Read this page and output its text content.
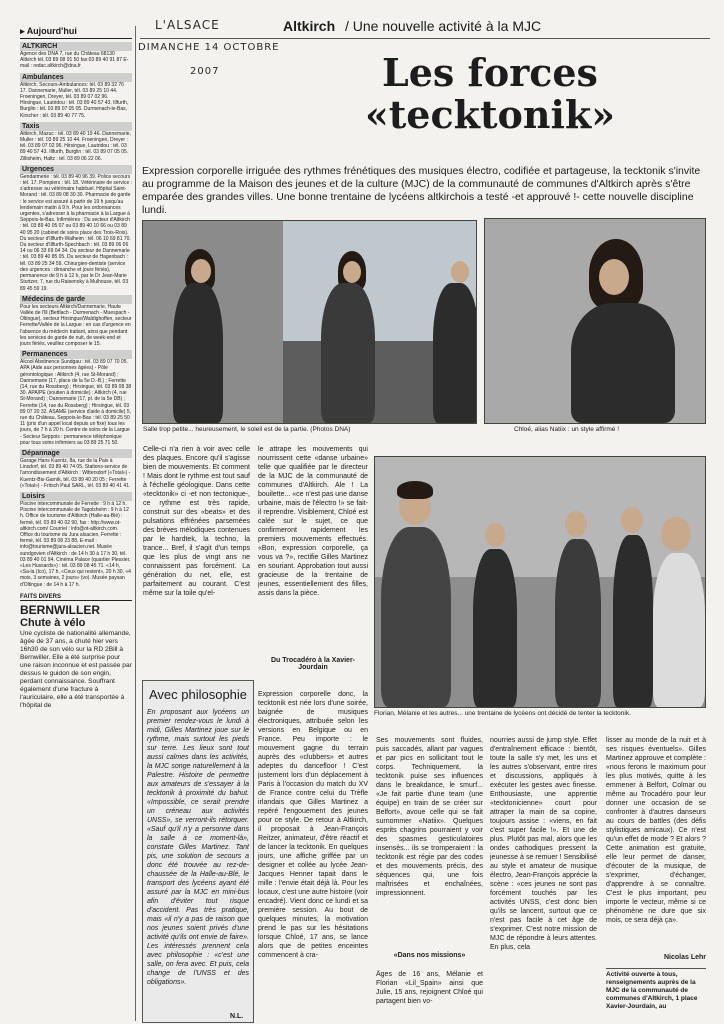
▸ Aujourd'hui
ALTKIRCH

Agence des DNA 7, rue du Château 68130 Altkirch tél.:03 89 08 91 50 fax:03 89 40 91 87 E-mail : redac.altkirch@dna.fr

Ambulances

Altkirch, Secours-Ambulances: tél. 03 89 32 76 17. Dannemarie, Muller, tél. 03 89 25 10 44. Froeningen, Dreyer, tél. 03 89 07 02 96. Hirsingue, Lautridou : tél. 03 89 40 57 43. Illfurth, Burglin : tél. 03 89 07 05 05. Durmenach-le-Bas, Kirscher : tél. 03 89 40 77 75.

Taxis

Altkirch, Mazuc : tél. 03 89 40 19 46. Dannemarie, Muller : tél. 03 89 25 10 44. Froeningen, Dreyer : tél. 03 89 07 02 96. Hirsingue, Lautridou : tél. 03 89 40 57 43. Illfurth, Burglin : tél. 03 89 07 05 05. Zillisheim, Haltz : tél. 03 89 06 22 06.

Urgences

Gendarmerie : tél. 03 89 40 96 39. Police secours : tél. 17. Pompiers : tél. 18. Vétérinaire de service : s'adresser au vétérinaire habituel. Hôpital Saint-Morand : tél. 03 89 08 30 30. Pharmacie de garde : le service est assuré à partir de 19 h jusqu'au lendemain matin à 9 h. Pour les ordonnances urgentes, s'adresser à la pharmacie à la Largue à Seppois-le-Bas. Infirmières : Du secteur d'Altkirch : tél. 03 89 40 05 07 ou 03 89 40 10 66 ou 03 89 40 95 20 (cabinet de soins place des Trois-Rois). Du secteur d'Illfurth-Walheim : tél. 06 10 69 81 70. Du secteur d'Illfurth-Spechbach : tél. 03 89 06 06 14 ou 06 33 69 04 34. Du secteur de Dannemarie : tél. 03 89 40 85 05. Du secteur de Hagenbach : tél. 03 89 25 34 59. Chirurgien-dentiste (service des urgences : dimanche et jours fériés), permanence de 9 h à 12 h, par le Dr Jean-Marie Sturtzer, 7, rue du Raisenoky à Mulhouse, tél. 03 89 45 59 19.

Médecins de garde

Pour les secteurs Altkirch/Dannemarie, Haute Vallée de l'Ill (Bettlach - Durmenach - Muespach - Oltingue), secteur Hirsingue/Waldighoffen, secteur Ferrette/Vallée de la Largue : en cas d'urgence en l'absence du médecin traitant, ainsi que pendant les services de garde de nuit, de week-end et jours fériés, veuillez composer le 15.

Permanences

Alcool Abstinence Sundgau : tél. 03 89 07 70 05. APA (Aide aux personnes âgées) - Pôle gérontologique : Altkirch (4, rue St-Morand) ; Dannemarie (17, place de la 5e D.-B.) ; Ferrette (14, rue du Rossberg) ; Hirsingue, tél. 03 89 08 38 30. APA/PE (soutien à domicile) : Altkirch (4, rue St-Morand) ; Dannemarie (17, pl. de la 5e DB) ; Ferrette (14, rue du Rossberg) ; Hirsingue, tél. 03 89 07 20 32. ASAME (service d'aide à domicile) 5, rue du Château, Seppois-le-Bas : tél. 03 89 25 50 11 (prix d'un appel local depuis un fixe) tous les jours, de 7 h à 20 h. Centre de soins de la Largue - Secteur Seppois : permanence téléphonique pour tous soins infirmiers au 03 89 25 71 50.

Dépannage

Garage Hans Kuentz, 8a, rue de la Paix à Linsdorf, tél. 03 89 40 74 05. Stations-service de l'arrondissement d'Altkirch : Wittersdorf («Total») - Kuentz-Bis-Garnik, tél. 03 89 40 20 05 ; Ferrette («Total») - Fritsch Paul SARL, tél. 03 89 40 41 41.

Loisirs

Piscine intercommunale de Ferrette : 9 h à 12 h. Piscine intercommunale de Tagolsheim : 9 h à 12 h. Office de tourisme d'Altkirch (Halle-au-Blé) : fermé, tél. 03 89 40 02 90, fax : http://www.ot-altkirch.com/ Courriel : info@ot-altkirch.com. Office du tourisme du Jura alsacien, Ferrette : fermé, tél. 03 89 08 23 88, E-mail : info@tourisme@jura-alsacien.net. Musée sundgovien d'Altkirch : de 14 h 30 à 17 h 30, tél. 03 89 40 01 94. Cinéma Palace (quartier Plessier, «Les Hussards») : tél. 03 89 08 45 71. «14 h, «Sa-la (Ico), 17 h, «Ceux qui restent», 20 h 30, «4 mois, 3 semaines, 2 jours» (vo). Musée paysan d'Oltingue : de 14 h à 17 h.

FAITS DIVERS
BERNWILLER
Chute à vélo

Une cycliste de nationalité allemande, âgée de 37 ans, a chuté hier vers 16h30 de son vélo sur la RD 2Bill à Bernwiller. Elle a été surprise pour une raison inconnue et est passée par dessus le guidon de son engin, perdant connaissance. Souffrant également d'une fracture à l'auriculaire, elle a été transportée à l'hôpital de

Altkirch / Une nouvelle activité à la MJC
L'ALSACE
DIMANCHE 14 OCTOBRE
2007	Les forces
«tecktonik»
Expression corporelle irriguée des rythmes frénétiques des musiques électro, codifiée et partageuse, la tecktonik s'invite au programme de la Maison des jeunes et de la culture (MJC) de la communauté de communes d'Altkirch après s'être emparée des grandes villes. Une bonne trentaine de lycéens altkirchois a testé -et approuvé !- cette nouvelle discipline lundi.
Salle trop petite... heureusement, le soleil est de la partie. (Photos DNA)	Chloé, alias Natiix : un style affirmé !
Florian, Mélanie et les autres... une trentaine de lycéens ont décidé de tenter la tecktonik.
Celle-ci n'a rien à voir avec celle des plaques. Encore qu'il s'agisse bien de mouvements. Et comment ! Mais dont le rythme est tout sauf à l'échelle géologique. Dans cette «tecktonik» ci -et non tectonique-, ce rythme est très rapide, construit sur des «beats» et des pulsations effrénées parsemées des brèves mélodiques contenues par le hardtek, la techno, la trance... Bref, il s'agit d'un temps que les plus de vingt ans ne connaissent pas forcément. La génération du net, elle, est parfaitement au courant. C'est même sur la toile qu'el-
le attrape les mouvements qui nourrissent cette «danse urbaine» telle que qualifiée par le directeur de la MJC de la communauté de communes d'Altkirch. Ale ! La bouilette... «ce n'est pas une danse urbaine, mais de l'électro !» se fait-il reprendre. Visiblement, Chloé est calée sur le sujet, ce que confirmeront rapidement les premiers mouvements effectués. «Bon, expression corporelle, ça vous va ?», rectifie Gilles Martinez en souriant. Approbation tout aussi gracieuse de la trentaine de jeunes, essentiellement des filles, assis dans la pièce.
Du Trocadéro à la Xavier-Jourdain
Expression corporelle donc, la tecktonik est née lors d'une soirée, baignée de musiques électroniques, attribuée selon les versions en Belgique ou en France. Peu importe : le mouvement gagne du terrain auprès des «clubbers» et autres adeptes du dancefloor ! C'est justement lors d'un déplacement à Paris à l'occasion du match du XV de France contre celui du Trèfle irlandais que Gilles Martinez a repéré l'engouement des jeunes pour ce style. De retour à Altkirch, il proposait à Jean-François Reitzer, animateur, d'être réactif et de lancer la tecktonik. En quelques jours, une affiche griffée par un designer et collée au lycée Jean-Jacques Henner tapait dans le mille : l'envie était déjà là. Pour les locaux, c'est une autre histoire (voir encadré). Vient donc ce lundi et sa première session. Au bout de quelques minutes, la motivation prend le pas sur les hésitations lorsque Chloé, 17 ans, se lance alors que de petites enceintes commencent à cra-
Avec philosophie
En proposant aux lycéens un premier rendez-vous le lundi à midi, Gilles Martinez joue sur le rythme, mais surtout les pieds sur terre. Les lieux sont tout aussi calmes dans les activités, la MJC songe naturellement à la Palestre. Histoire de permettre aux amateurs de s'essayer à la tecktonik à proximité du bahut. «Impossible, ce serait prendre un créneau aux activités UNSS», se verront-ils rétorquer. «Sauf qu'il n'y a personne dans la salle à ce moment-là», constate Gilles Martinez. Tant pis, une solution de secours a donc été trouvée au rez-de-chaussée de la Halle-au-Blé, le transport des lycéens ayant été assuré par la MJC en mini-bus afin d'éviter tout risque d'accident. Pas très pratique, mais «il n'y a pas de raison que nos jeunes soient privés d'une activité qu'ils ont envie de faire». Les intéressés prennent cela avec philosophie : «c'est une salle, on fera avec. Et puis, cela change de l'UNSS et des obligations».
N.L.
Ses mouvements sont fluides, puis saccadés, allant par vagues et par pics en sollicitant tout le corps. Techniquement, la tecktonik puise ses influences dans le breakdance, le smurf... «Je fait partie d'une team (une équipe) en train de se créer sur Belfort», avoue celle qui se fait surnommer «Natiix». Quelques esprits chagrins pourraient y voir des spasmes gesticulatoires insensés... ils se tromperaient : la tecktonik est régie par des codes et des mouvements précis, des séquences qui, une fois maîtrisées et enchaînées, impressionnent.
«Dans nos missions»
Âges de 16 ans, Mélanie et Florian «Lil_Spain» ainsi que Julie, 15 ans, rejoignent Chloé qui partagent bien vo-
nourries aussi de jump style. Effet d'entraînement efficace : bientôt, toute la salle s'y met, les uns et les autres s'observant, entre rires et discussions, appliqués à exécuter les gestes avec finesse. Enthousiaste, une apprentie «tecktonicienne» court pour attraper la main de sa copine, toujours assise : «viens, en fait c'est super facile !». Et une de plus. Plutôt pas mal, alors que les ondes cathodiques pressent la jeunesse à se remuer ! Sensibilisé au style et amateur de musique électro, Jean-François apprécie la scène : «ces jeunes ne sont pas forcément touchés par les activités UNSS, c'est donc bien qu'ils se lancent, surtout que ce n'est pas facile à cet âge de s'exprimer. C'est notre mission de MJC de répondre à leurs attentes. En plus, cela
lisser au monde de la nuit et à ses risques éventuels». Gilles Martinez approuve et complète : «nous ferons le maximum pour les plus motivés, quitte à les emmener à Belfort, Colmar ou même au Trocadéro pour leur donner une occasion de se confronter à d'autres danseurs au cours de battles (des défis stylistiques amicaux). Ce n'est qu'un effet de mode ? Et alors ? Cette animation est gratuite, elle leur permet de danser, d'écouter de la musique, de s'exprimer, d'échanger, d'apprendre à se connaître. C'est le plus important, peu importe le vecteur, même si ce phénomène ne dure que six mois, ce sera déjà ça».
Nicolas Lehr
Activité ouverte à tous, renseignements auprès de la MJC de la communauté de communes d'Altkirch, 1 place Xavier-Jourdain, au
